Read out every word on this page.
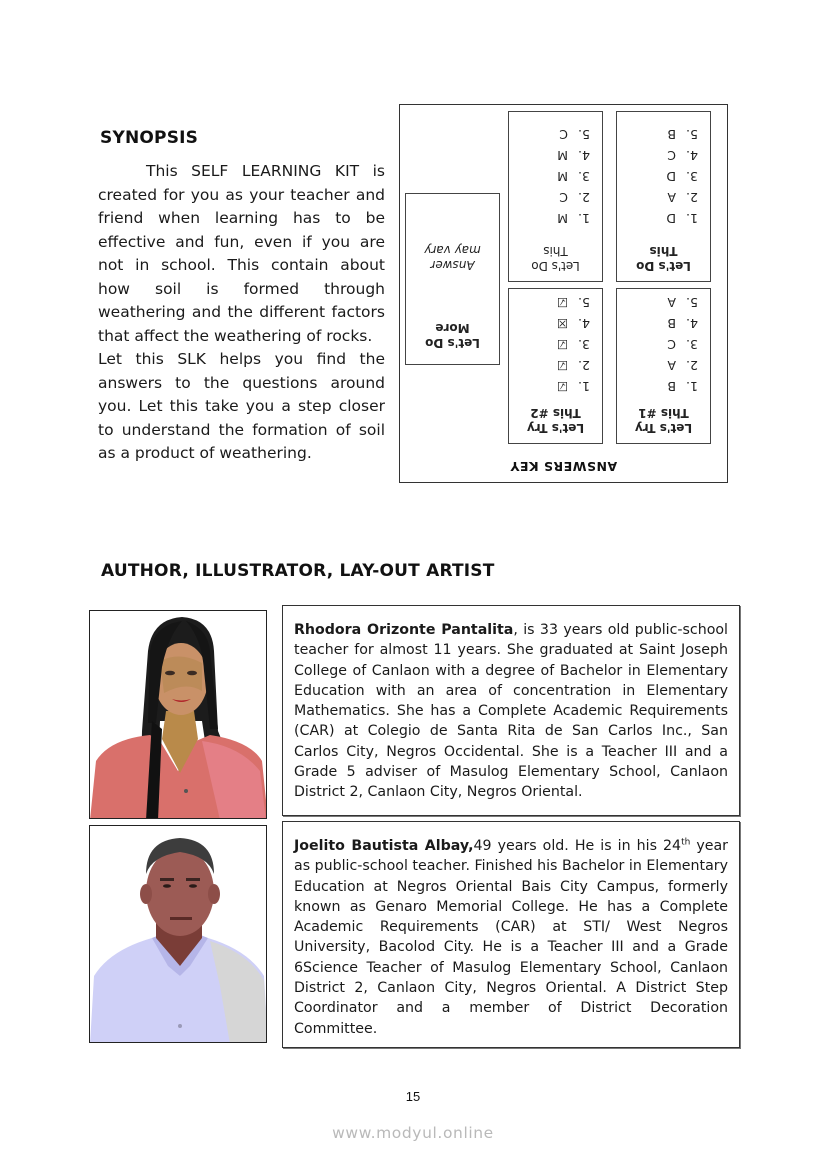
SYNOPSIS

This SELF LEARNING KIT is created for you as your teacher and friend when learning has to be effective and fun, even if you are not in school. This contain about how soil is formed through weathering and the different factors that affect the weathering of rocks.

Let this SLK helps you find the answers to the questions around you. Let this take you a step closer to understand the formation of soil as a product of weathering.

ANSWERS KEY
Let's Try
This #1
1.B
2.A
3.C
4.B
5.A
Let's Try
This #2
1.☑
2.☑
3.☑
4.☒
5.☑
Let's Do
More
Answer
may vary
Let's Do
This
1.D
2.A
3.D
4.C
5.B
Let's Do
This
1.M
2.C
3.M
4.M
5.C
AUTHOR, ILLUSTRATOR, LAY-OUT ARTIST
Rhodora Orizonte Pantalita, is 33 years old public-school teacher for almost 11 years. She graduated at Saint Joseph College of Canlaon with a degree of Bachelor in Elementary Education with an area of concentration in Elementary Mathematics. She has a Complete Academic Requirements (CAR) at Colegio de Santa Rita de San Carlos Inc., San Carlos City, Negros Occidental. She is a Teacher III and a Grade 5 adviser of Masulog Elementary School, Canlaon District 2, Canlaon City, Negros Oriental.
Joelito Bautista Albay,49 years old. He is in his 24th year as public-school teacher. Finished his Bachelor in Elementary Education at Negros Oriental Bais City Campus, formerly known as Genaro Memorial College. He has a Complete Academic Requirements (CAR) at STI/ West Negros University, Bacolod City. He is a Teacher III and a Grade 6Science Teacher of Masulog Elementary School, Canlaon District 2, Canlaon City, Negros Oriental. A District Step Coordinator and a member of District Decoration Committee.
15
www.modyul.online
